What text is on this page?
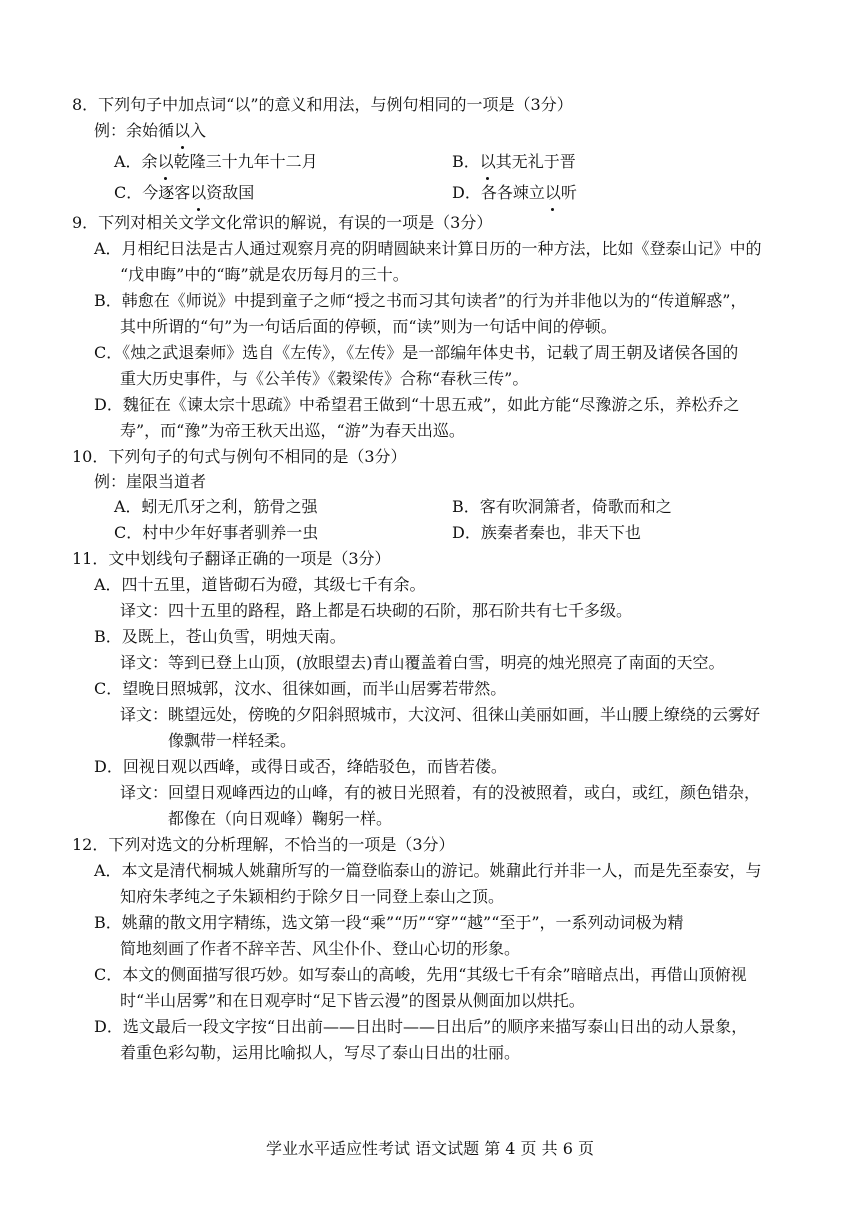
8．下列句子中加点词“以”的意义和用法，与例句相同的一项是（3分）
例：余始循以入
A．余以乾隆三十九年十二月	B．以其无礼于晋
C．今逐客以资敌国	D．各各竦立以听
9．下列对相关文学文化常识的解说，有误的一项是（3分）
A．月相纪日法是古人通过观察月亮的阴晴圆缺来计算日历的一种方法，比如《登泰山记》中的
“戊申晦”中的“晦”就是农历每月的三十。
B．韩愈在《师说》中提到童子之师“授之书而习其句读者”的行为并非他以为的“传道解惑”，
其中所谓的“句”为一句话后面的停顿，而“读”则为一句话中间的停顿。
C．《烛之武退秦师》选自《左传》，《左传》是一部编年体史书，记载了周王朝及诸侯各国的
重大历史事件，与《公羊传》《穀梁传》合称“春秋三传”。
D．魏征在《谏太宗十思疏》中希望君王做到“十思五戒”，如此方能“尽豫游之乐，养松乔之
寿”，而“豫”为帝王秋天出巡，“游”为春天出巡。
10．下列句子的句式与例句不相同的是（3分）
例：崖限当道者
A．蚓无爪牙之利，筋骨之强	B．客有吹洞箫者，倚歌而和之
C．村中少年好事者驯养一虫	D．族秦者秦也，非天下也
11．文中划线句子翻译正确的一项是（3分）
A．四十五里，道皆砌石为磴，其级七千有余。
译文：四十五里的路程，路上都是石块砌的石阶，那石阶共有七千多级。
B．及既上，苍山负雪，明烛天南。
译文：等到已登上山顶，(放眼望去)青山覆盖着白雪，明亮的烛光照亮了南面的天空。
C．望晚日照城郭，汶水、徂徕如画，而半山居雾若带然。
译文：眺望远处，傍晚的夕阳斜照城市，大汶河、徂徕山美丽如画，半山腰上缭绕的云雾好
像飘带一样轻柔。
D．回视日观以西峰，或得日或否，绛皓驳色，而皆若偻。
译文：回望日观峰西边的山峰，有的被日光照着，有的没被照着，或白，或红，颜色错杂，
都像在（向日观峰）鞠躬一样。
12．下列对选文的分析理解，不恰当的一项是（3分）
A．本文是清代桐城人姚鼐所写的一篇登临泰山的游记。姚鼐此行并非一人，而是先至泰安，与
知府朱孝纯之子朱颖相约于除夕日一同登上泰山之顶。
B．姚鼐的散文用字精练，选文第一段“乘”“历”“穿”“越”“至于”，一系列动词极为精
简地刻画了作者不辞辛苦、风尘仆仆、登山心切的形象。
C．本文的侧面描写很巧妙。如写泰山的高峻，先用“其级七千有余”暗暗点出，再借山顶俯视
时“半山居雾”和在日观亭时“足下皆云漫”的图景从侧面加以烘托。
D．选文最后一段文字按“日出前——日出时——日出后”的顺序来描写泰山日出的动人景象，
着重色彩勾勒，运用比喻拟人，写尽了泰山日出的壮丽。
学业水平适应性考试 语文试题 第 4 页 共 6 页
